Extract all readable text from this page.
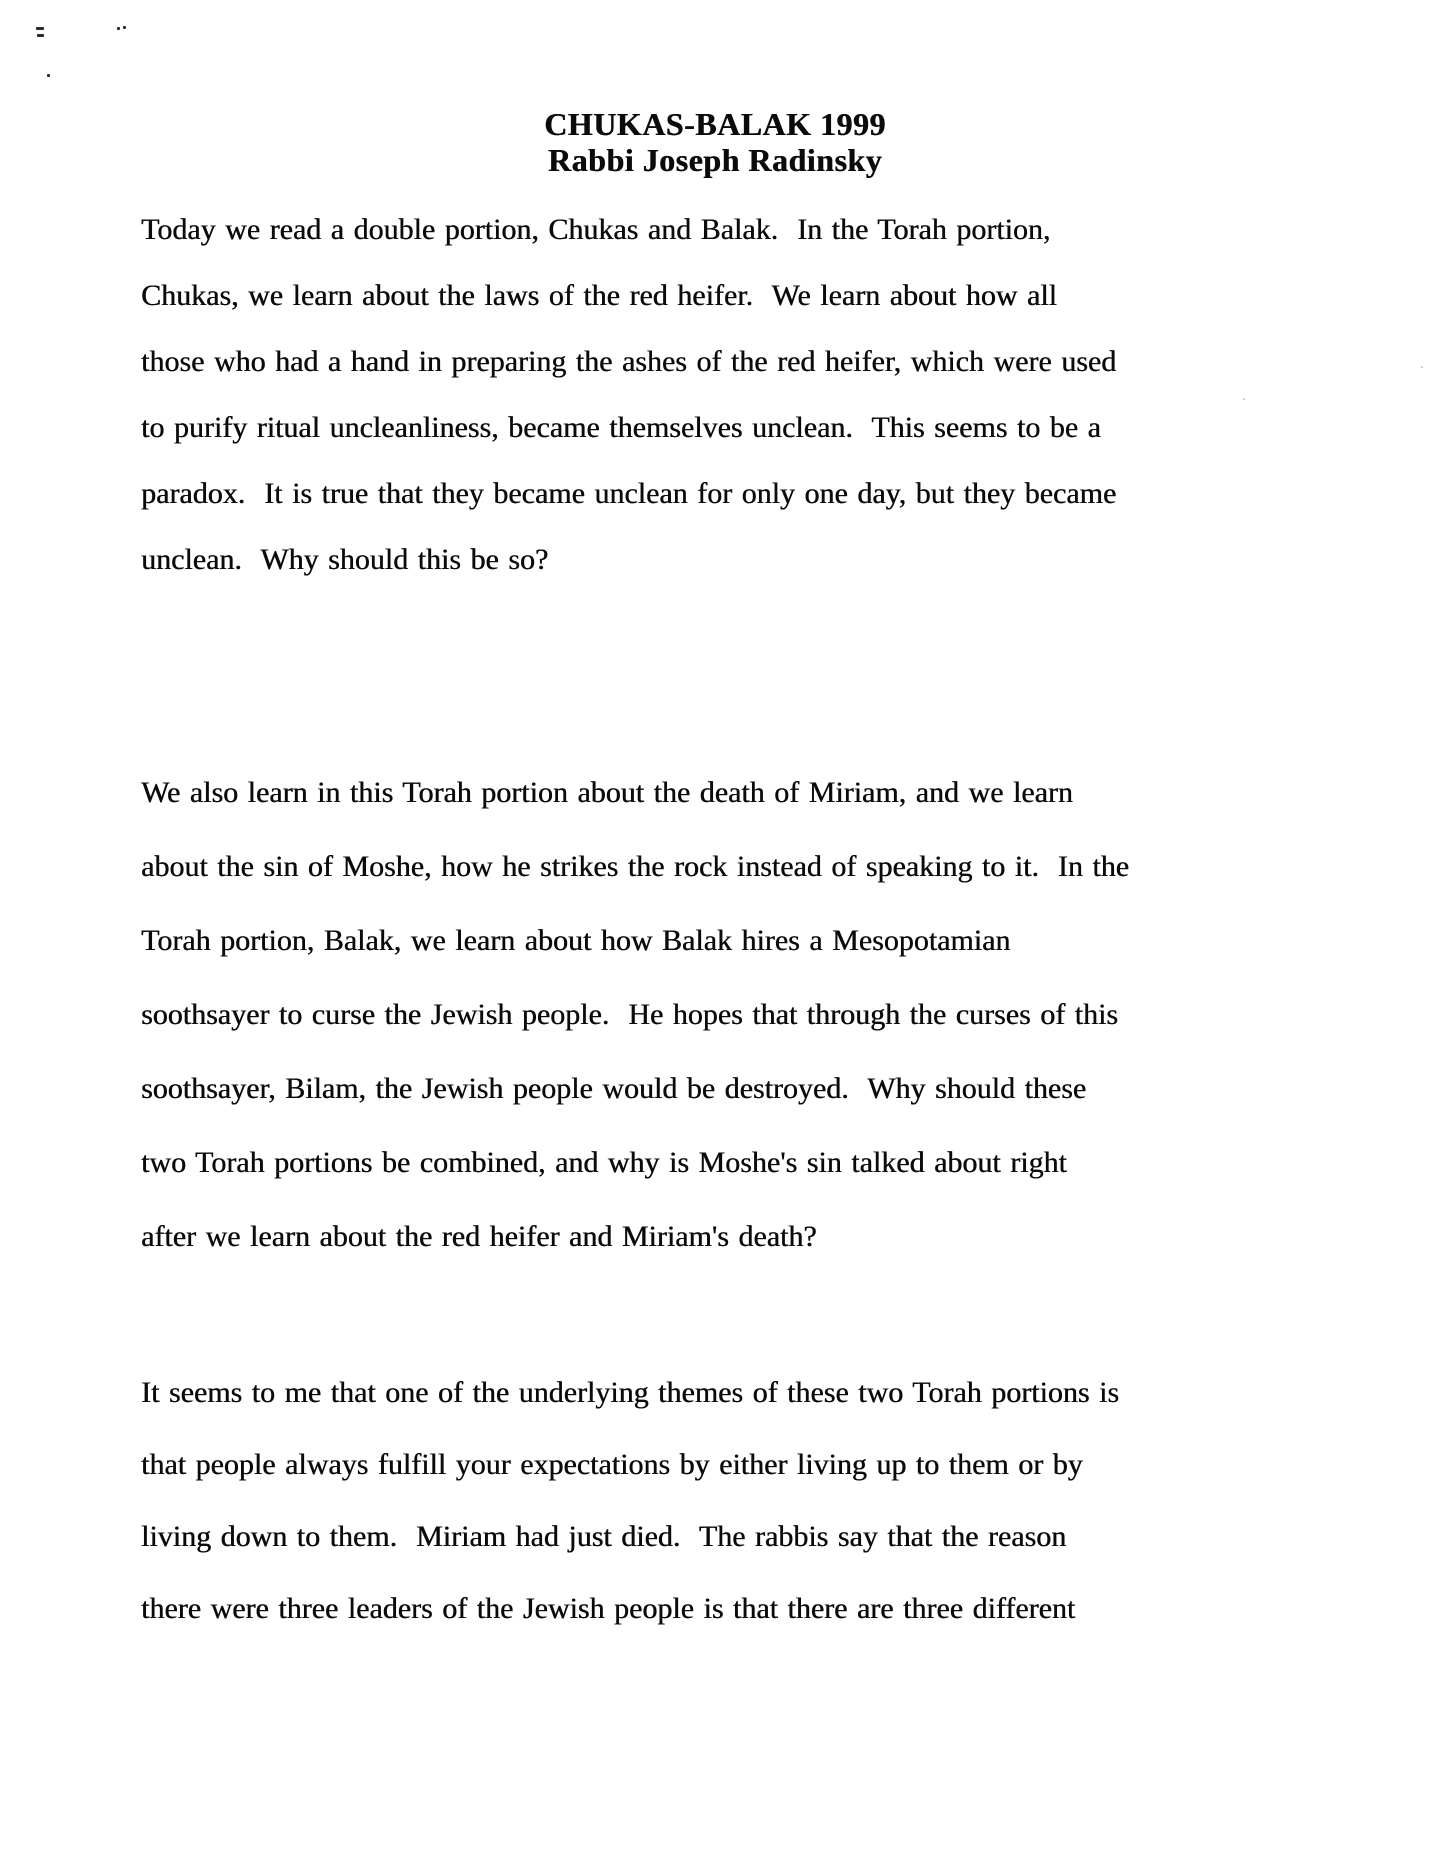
CHUKAS-BALAK 1999
Rabbi Joseph Radinsky
Today we read a double portion, Chukas and Balak.  In the Torah portion,
Chukas, we learn about the laws of the red heifer.  We learn about how all
those who had a hand in preparing the ashes of the red heifer, which were used
to purify ritual uncleanliness, became themselves unclean.  This seems to be a
paradox.  It is true that they became unclean for only one day, but they became
unclean.  Why should this be so?
We also learn in this Torah portion about the death of Miriam, and we learn
about the sin of Moshe, how he strikes the rock instead of speaking to it.  In the
Torah portion, Balak, we learn about how Balak hires a Mesopotamian
soothsayer to curse the Jewish people.  He hopes that through the curses of this
soothsayer, Bilam, the Jewish people would be destroyed.  Why should these
two Torah portions be combined, and why is Moshe's sin talked about right
after we learn about the red heifer and Miriam's death?
It seems to me that one of the underlying themes of these two Torah portions is
that people always fulfill your expectations by either living up to them or by
living down to them.  Miriam had just died.  The rabbis say that the reason
there were three leaders of the Jewish people is that there are three different
